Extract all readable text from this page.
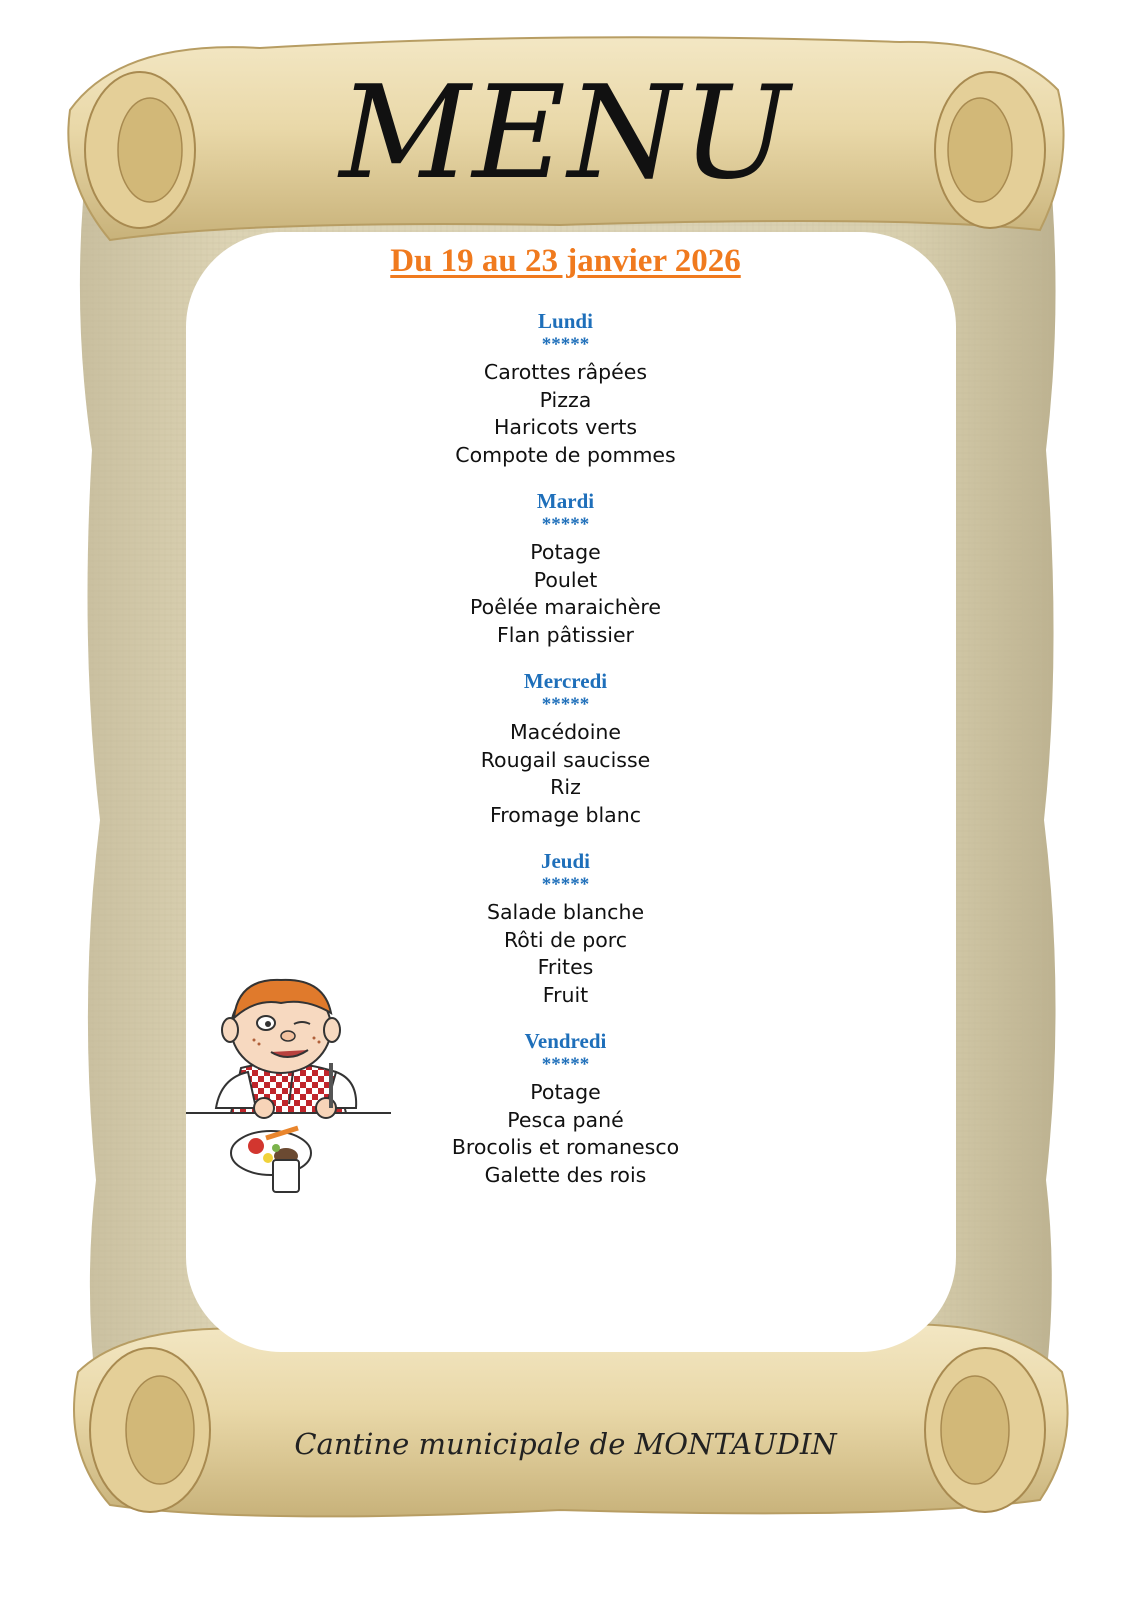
MENU
Du 19 au 23 janvier 2026
Lundi
*****
Carottes râpées
Pizza
Haricots verts
Compote de pommes
Mardi
*****
Potage
Poulet
Poêlée maraichère
Flan pâtissier
Mercredi
*****
Macédoine
Rougail saucisse
Riz
Fromage blanc
Jeudi
*****
Salade blanche
Rôti de porc
Frites
Fruit
Vendredi
*****
Potage
Pesca pané
Brocolis et romanesco
Galette des rois
Cantine municipale de MONTAUDIN
